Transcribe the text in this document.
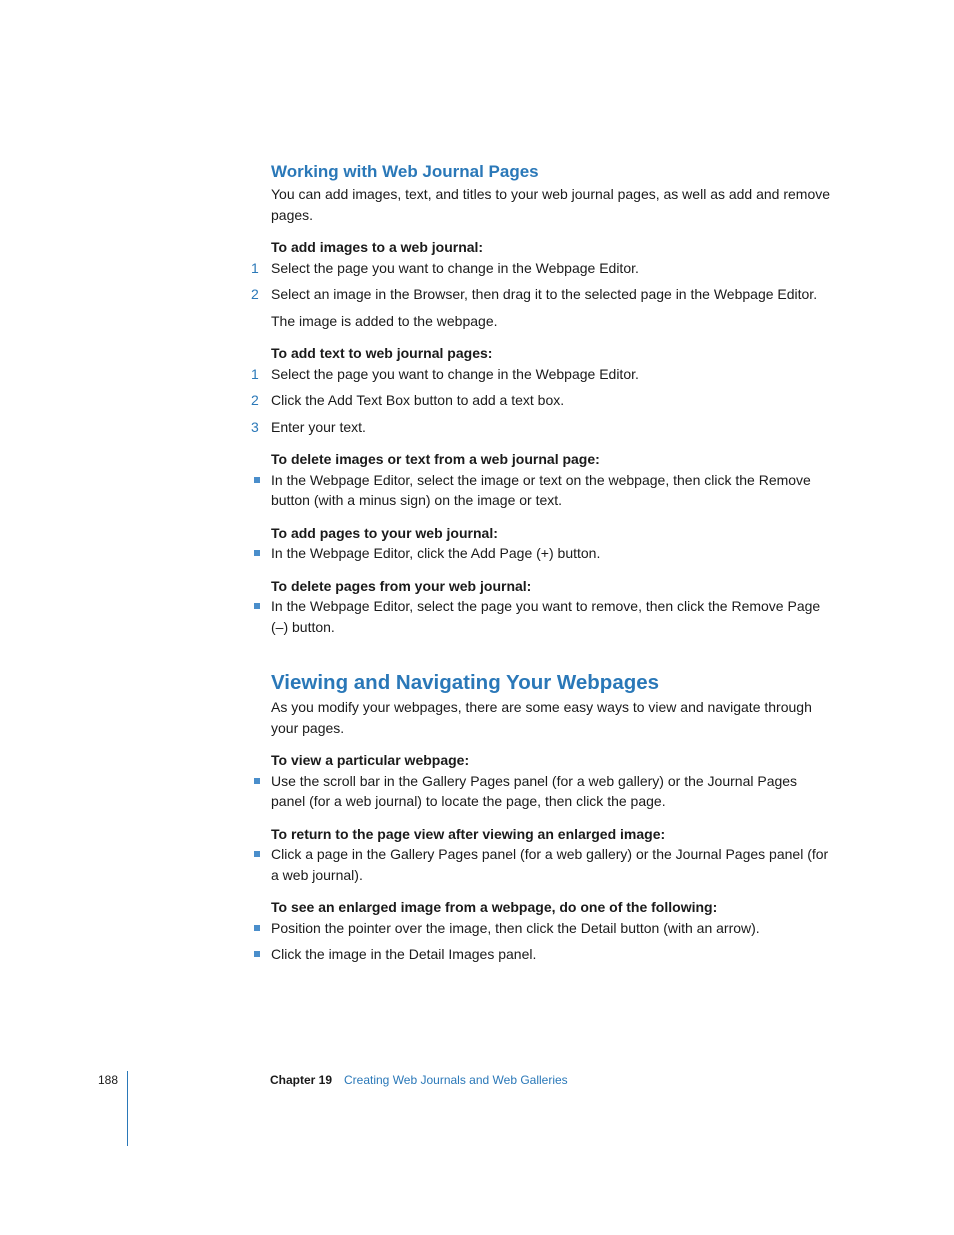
Working with Web Journal Pages

You can add images, text, and titles to your web journal pages, as well as add and remove pages.

To add images to a web journal:
1 Select the page you want to change in the Webpage Editor.
2 Select an image in the Browser, then drag it to the selected page in the Webpage Editor.
The image is added to the webpage.
To add text to web journal pages:
1 Select the page you want to change in the Webpage Editor.
2 Click the Add Text Box button to add a text box.
3 Enter your text.
To delete images or text from a web journal page:
In the Webpage Editor, select the image or text on the webpage, then click the Remove button (with a minus sign) on the image or text.
To add pages to your web journal:
In the Webpage Editor, click the Add Page (+) button.
To delete pages from your web journal:
In the Webpage Editor, select the page you want to remove, then click the Remove Page (–) button.
Viewing and Navigating Your Webpages

As you modify your webpages, there are some easy ways to view and navigate through your pages.

To view a particular webpage:
Use the scroll bar in the Gallery Pages panel (for a web gallery) or the Journal Pages panel (for a web journal) to locate the page, then click the page.
To return to the page view after viewing an enlarged image:
Click a page in the Gallery Pages panel (for a web gallery) or the Journal Pages panel (for a web journal).
To see an enlarged image from a webpage, do one of the following:
Position the pointer over the image, then click the Detail button (with an arrow).
Click the image in the Detail Images panel.
188	Chapter 19 Creating Web Journals and Web Galleries
